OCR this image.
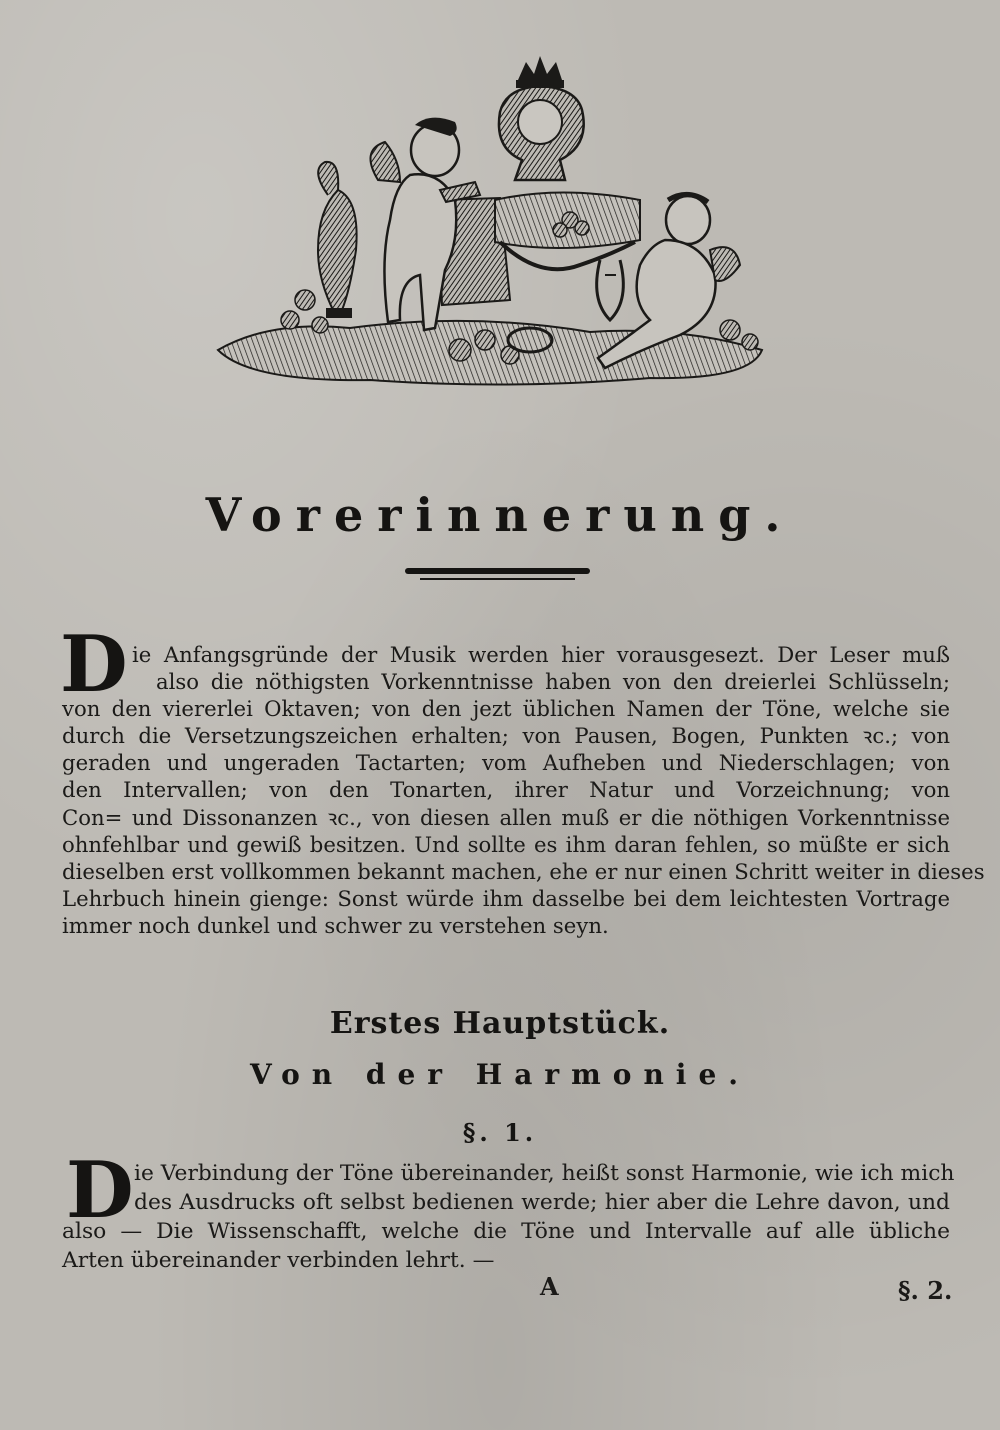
Vorerinnerung.
D ie Anfangsgründe der Musik werden hier vorausgesezt. Der Leser muß
also die nöthigsten Vorkenntnisse haben von den dreierlei Schlüsseln;
von den viererlei Oktaven; von den jezt üblichen Namen der Töne, welche sie
durch die Versetzungszeichen erhalten; von Pausen, Bogen, Punkten ꝛc.; von
geraden und ungeraden Tactarten; vom Aufheben und Niederschlagen; von
den Intervallen; von den Tonarten, ihrer Natur und Vorzeichnung; von
Con= und Dissonanzen ꝛc., von diesen allen muß er die nöthigen Vorkenntnisse
ohnfehlbar und gewiß besitzen. Und sollte es ihm daran fehlen, so müßte er sich
dieselben erst vollkommen bekannt machen, ehe er nur einen Schritt weiter in dieses
Lehrbuch hinein gienge: Sonst würde ihm dasselbe bei dem leichtesten Vortrage
immer noch dunkel und schwer zu verstehen seyn.
Erstes Hauptstück.
Von der Harmonie.
§. 1.
D ie Verbindung der Töne übereinander, heißt sonst Harmonie, wie ich mich
des Ausdrucks oft selbst bedienen werde; hier aber die Lehre davon, und
also — Die Wissenschafft, welche die Töne und Intervalle auf alle übliche
Arten übereinander verbinden lehrt. —
A	§. 2.
